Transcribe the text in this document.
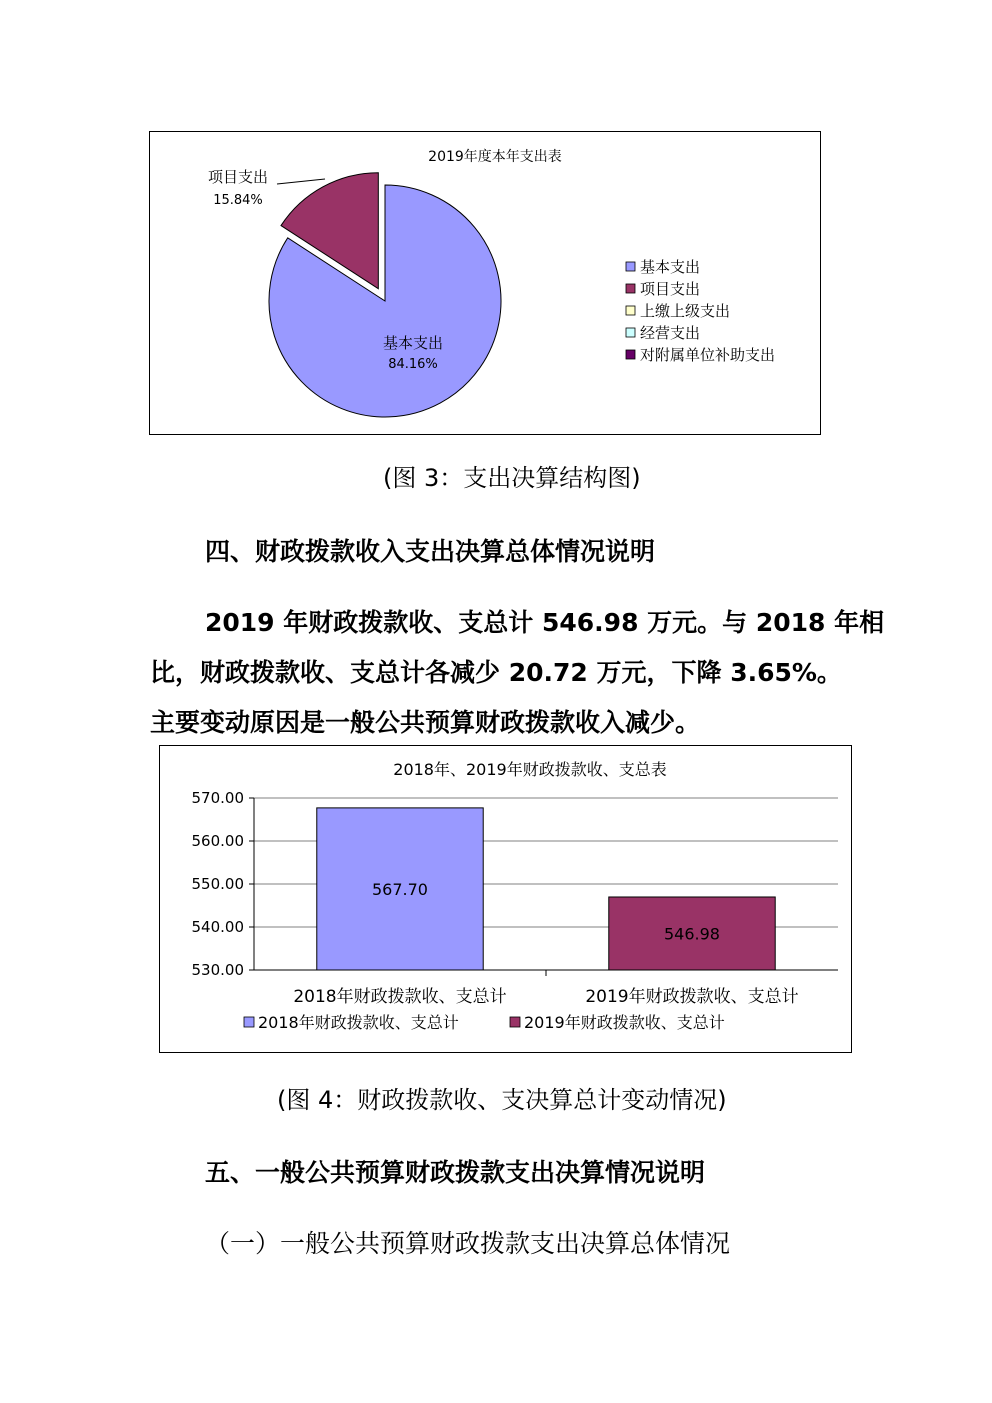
2019年度本年支出表
项目支出
15.84%
基本支出
84.16%
基本支出
项目支出
上缴上级支出
经营支出
对附属单位补助支出
(图 3：支出决算结构图)
四、财政拨款收入支出决算总体情况说明
2019 年财政拨款收、支总计 546.98 万元。与 2018 年相
比，财政拨款收、支总计各减少 20.72 万元，下降 3.65%。
主要变动原因是一般公共预算财政拨款收入减少。
2018年、2019年财政拨款收、支总表
570.00
560.00
550.00
540.00
530.00
567.70
546.98
2018年财政拨款收、支总计	2019年财政拨款收、支总计
2018年财政拨款收、支总计	2019年财政拨款收、支总计
(图 4：财政拨款收、支决算总计变动情况)
五、一般公共预算财政拨款支出决算情况说明
（一）一般公共预算财政拨款支出决算总体情况
